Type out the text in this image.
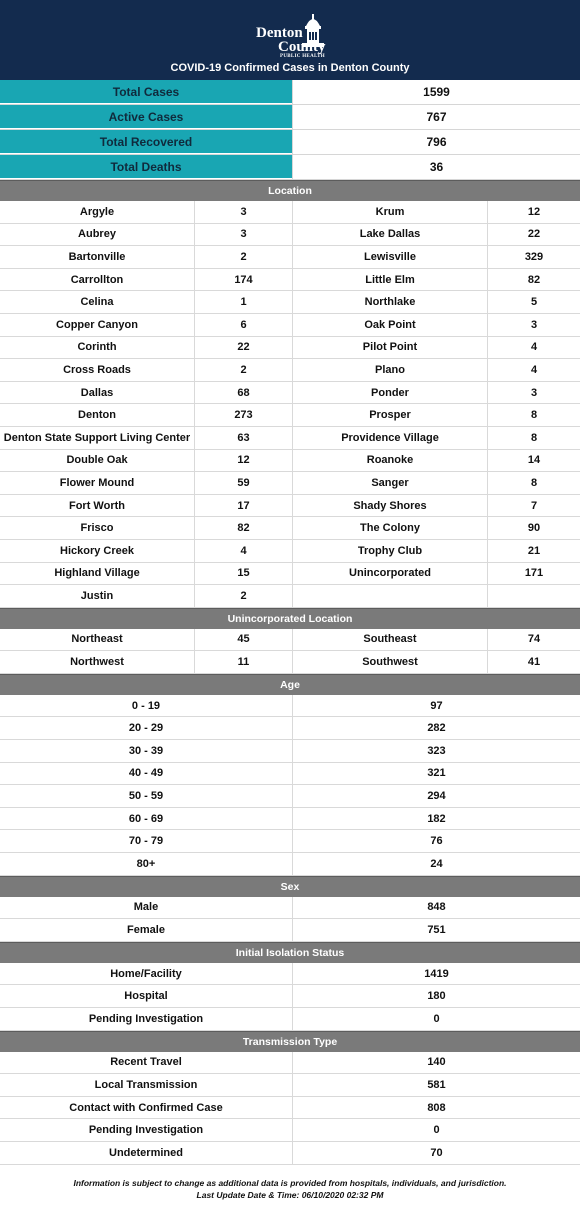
Denton
County
PUBLIC HEALTH
COVID-19 Confirmed Cases in Denton County
Total Cases	1599
Active Cases	767
Total Recovered	796
Total Deaths	36
Location
Argyle	3	Krum	12
Aubrey	3	Lake Dallas	22
Bartonville	2	Lewisville	329
Carrollton	174	Little Elm	82
Celina	1	Northlake	5
Copper Canyon	6	Oak Point	3
Corinth	22	Pilot Point	4
Cross Roads	2	Plano	4
Dallas	68	Ponder	3
Denton	273	Prosper	8
Denton State Support Living Center	63	Providence Village	8
Double Oak	12	Roanoke	14
Flower Mound	59	Sanger	8
Fort Worth	17	Shady Shores	7
Frisco	82	The Colony	90
Hickory Creek	4	Trophy Club	21
Highland Village	15	Unincorporated	171
Justin	2
Unincorporated Location
Northeast	45	Southeast	74
Northwest	11	Southwest	41
Age
0 - 19	97
20 - 29	282
30 - 39	323
40 - 49	321
50 - 59	294
60 - 69	182
70 - 79	76
80+	24
Sex
Male	848
Female	751
Initial Isolation Status
Home/Facility	1419
Hospital	180
Pending Investigation	0
Transmission Type
Recent Travel	140
Local Transmission	581
Contact with Confirmed Case	808
Pending Investigation	0
Undetermined	70
Information is subject to change as additional data is provided from hospitals, individuals, and jurisdiction.
Last Update Date & Time: 06/10/2020 02:32 PM
